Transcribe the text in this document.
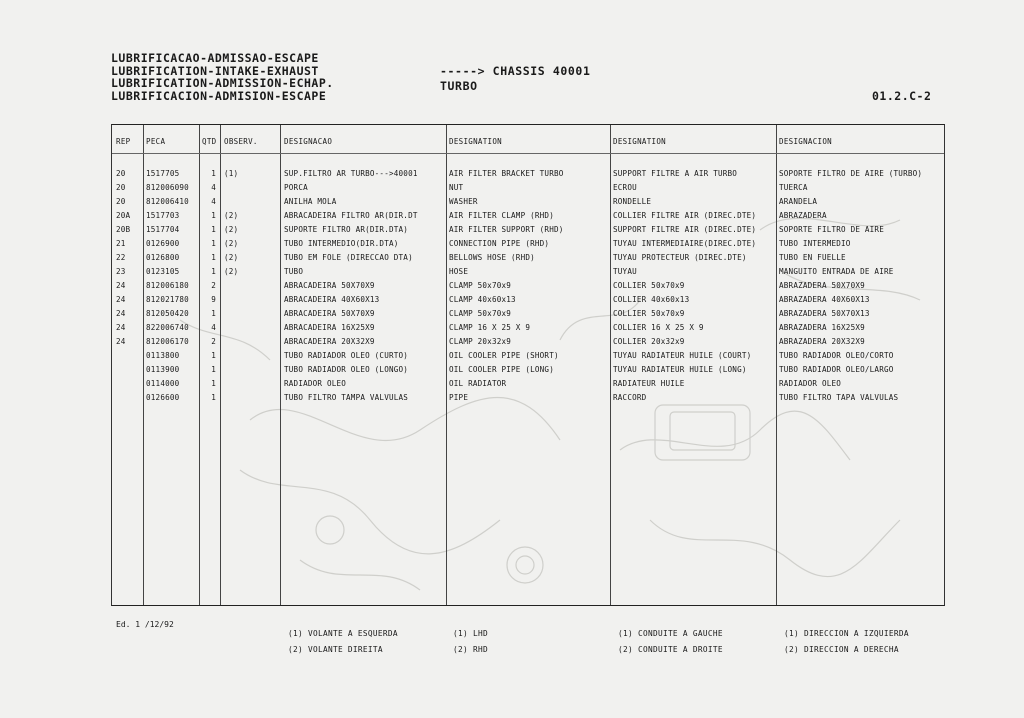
LUBRIFICACAO-ADMISSAO-ESCAPE
LUBRIFICATION-INTAKE-EXHAUST
LUBRIFICATION-ADMISSION-ECHAP.
LUBRIFICACION-ADMISION-ESCAPE
-----> CHASSIS 40001
TURBO
01.2.C-2
REP PECA	QTD OBSERV.	DESIGNACAO	DESIGNATION	DESIGNATION	DESIGNACION
20	1517705	1 (1)	SUP.FILTRO AR TURBO--->40001	AIR FILTER BRACKET TURBO	SUPPORT FILTRE A AIR TURBO	SOPORTE FILTRO DE AIRE (TURBO)
20	812006090	4	PORCA	NUT	ECROU	TUERCA
20	812006410	4	ANILHA MOLA	WASHER	RONDELLE	ARANDELA
20A	1517703	1 (2)	ABRACADEIRA FILTRO AR(DIR.DT	AIR FILTER CLAMP (RHD)	COLLIER FILTRE AIR (DIREC.DTE)	ABRAZADERA
20B	1517704	1 (2)	SUPORTE FILTRO AR(DIR.DTA)	AIR FILTER SUPPORT (RHD)	SUPPORT FILTRE AIR (DIREC.DTE)	SOPORTE FILTRO DE AIRE
21	0126900	1 (2)	TUBO INTERMEDIO(DIR.DTA)	CONNECTION PIPE (RHD)	TUYAU INTERMEDIAIRE(DIREC.DTE)	TUBO INTERMEDIO
22	0126800	1 (2)	TUBO EM FOLE (DIRECCAO DTA)	BELLOWS HOSE (RHD)	TUYAU PROTECTEUR (DIREC.DTE)	TUBO EN FUELLE
23	0123105	1 (2)	TUBO	HOSE	TUYAU	MANGUITO ENTRADA DE AIRE
24	812006180	2	ABRACADEIRA 50X70X9	CLAMP 50x70x9	COLLIER 50x70x9	ABRAZADERA 50X70X9
24	812021780	9	ABRACADEIRA 40X60X13	CLAMP 40x60x13	COLLIER 40x60x13	ABRAZADERA 40X60X13
24	812050420	1	ABRACADEIRA 50X70X9	CLAMP 50x70x9	COLLIER 50x70x9	ABRAZADERA 50X70X13
24	822006740	4	ABRACADEIRA 16X25X9	CLAMP 16 X 25 X 9	COLLIER 16 X 25 X 9	ABRAZADERA 16X25X9
24	812006170	2	ABRACADEIRA 20X32X9	CLAMP 20x32x9	COLLIER 20x32x9	ABRAZADERA 20X32X9
0113800	1	TUBO RADIADOR OLEO (CURTO)	OIL COOLER PIPE (SHORT)	TUYAU RADIATEUR HUILE (COURT)	TUBO RADIADOR OLEO/CORTO
0113900	1	TUBO RADIADOR OLEO (LONGO)	OIL COOLER PIPE (LONG)	TUYAU RADIATEUR HUILE (LONG)	TUBO RADIADOR OLEO/LARGO
0114000	1	RADIADOR OLEO	OIL RADIATOR	RADIATEUR HUILE	RADIADOR OLEO
0126600	1	TUBO FILTRO TAMPA VALVULAS	PIPE	RACCORD	TUBO FILTRO TAPA VALVULAS
Ed. 1 /12/92
(1) VOLANTE A ESQUERDA
(2) VOLANTE DIREITA
(1) LHD
(2) RHD
(1) CONDUITE A GAUCHE
(2) CONDUITE A DROITE
(1) DIRECCION A IZQUIERDA
(2) DIRECCION A DERECHA
